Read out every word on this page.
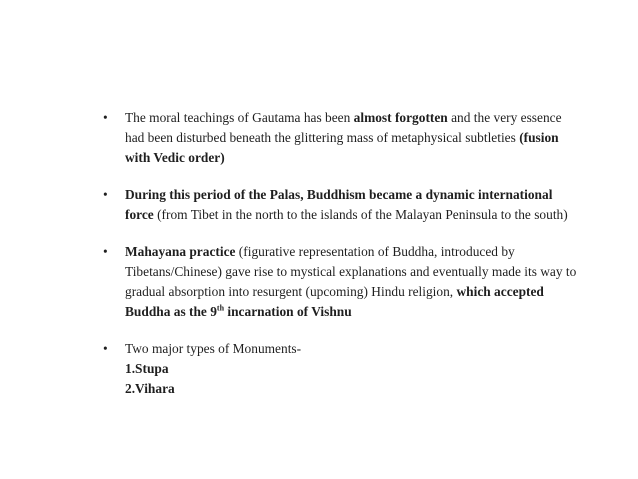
•	The moral teachings of Gautama has been almost forgotten and the very essence had been disturbed beneath the glittering mass of metaphysical subtleties (fusion with Vedic order)
•	During this period of the Palas, Buddhism became a dynamic international force (from Tibet in the north to the islands of the Malayan Peninsula to the south)
•	Mahayana practice (figurative representation of Buddha, introduced by Tibetans/Chinese) gave rise to mystical explanations and eventually made its way to gradual absorption into resurgent (upcoming) Hindu religion, which accepted Buddha as the 9th incarnation of Vishnu
•	Two major types of Monuments-
1.Stupa
2.Vihara
